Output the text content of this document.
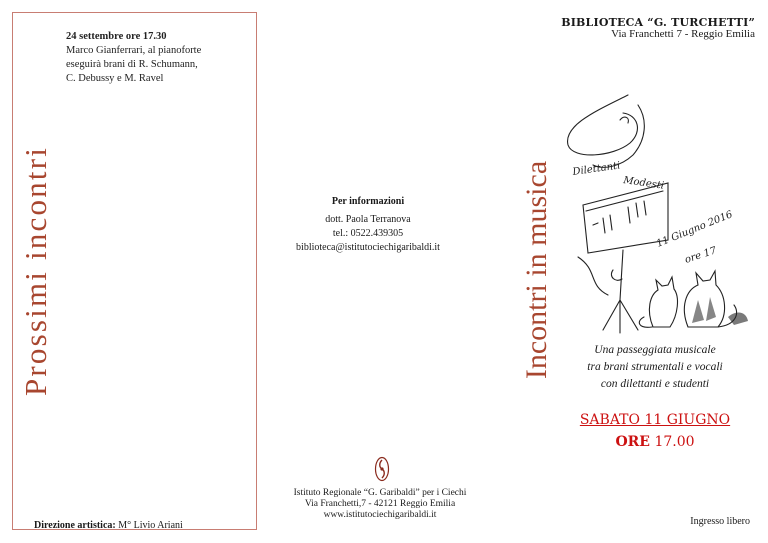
Prossimi incontri
24 settembre ore 17.30
Marco Gianferrari, al pianoforte
eseguirà brani di R. Schumann,
C. Debussy e M. Ravel
Direzione artistica: M° Livio Ariani
Per informazioni
dott. Paola Terranova
tel.: 0522.439305
biblioteca@istitutociechigaribaldi.it
Istituto Regionale “G. Garibaldi” per i Ciechi
Via Franchetti,7 - 42121 Reggio Emilia
www.istitutociechigaribaldi.it
Incontri in musica
BIBLIOTECA “G. TURCHETTI”
Via Franchetti 7 - Reggio Emilia
Dilettanti
Modesti
11 Giugno 2016
ore 17
Una passeggiata musicale
tra brani strumentali e vocali
con dilettanti e studenti
SABATO 11 GIUGNO
ORE 17.00
Ingresso libero
